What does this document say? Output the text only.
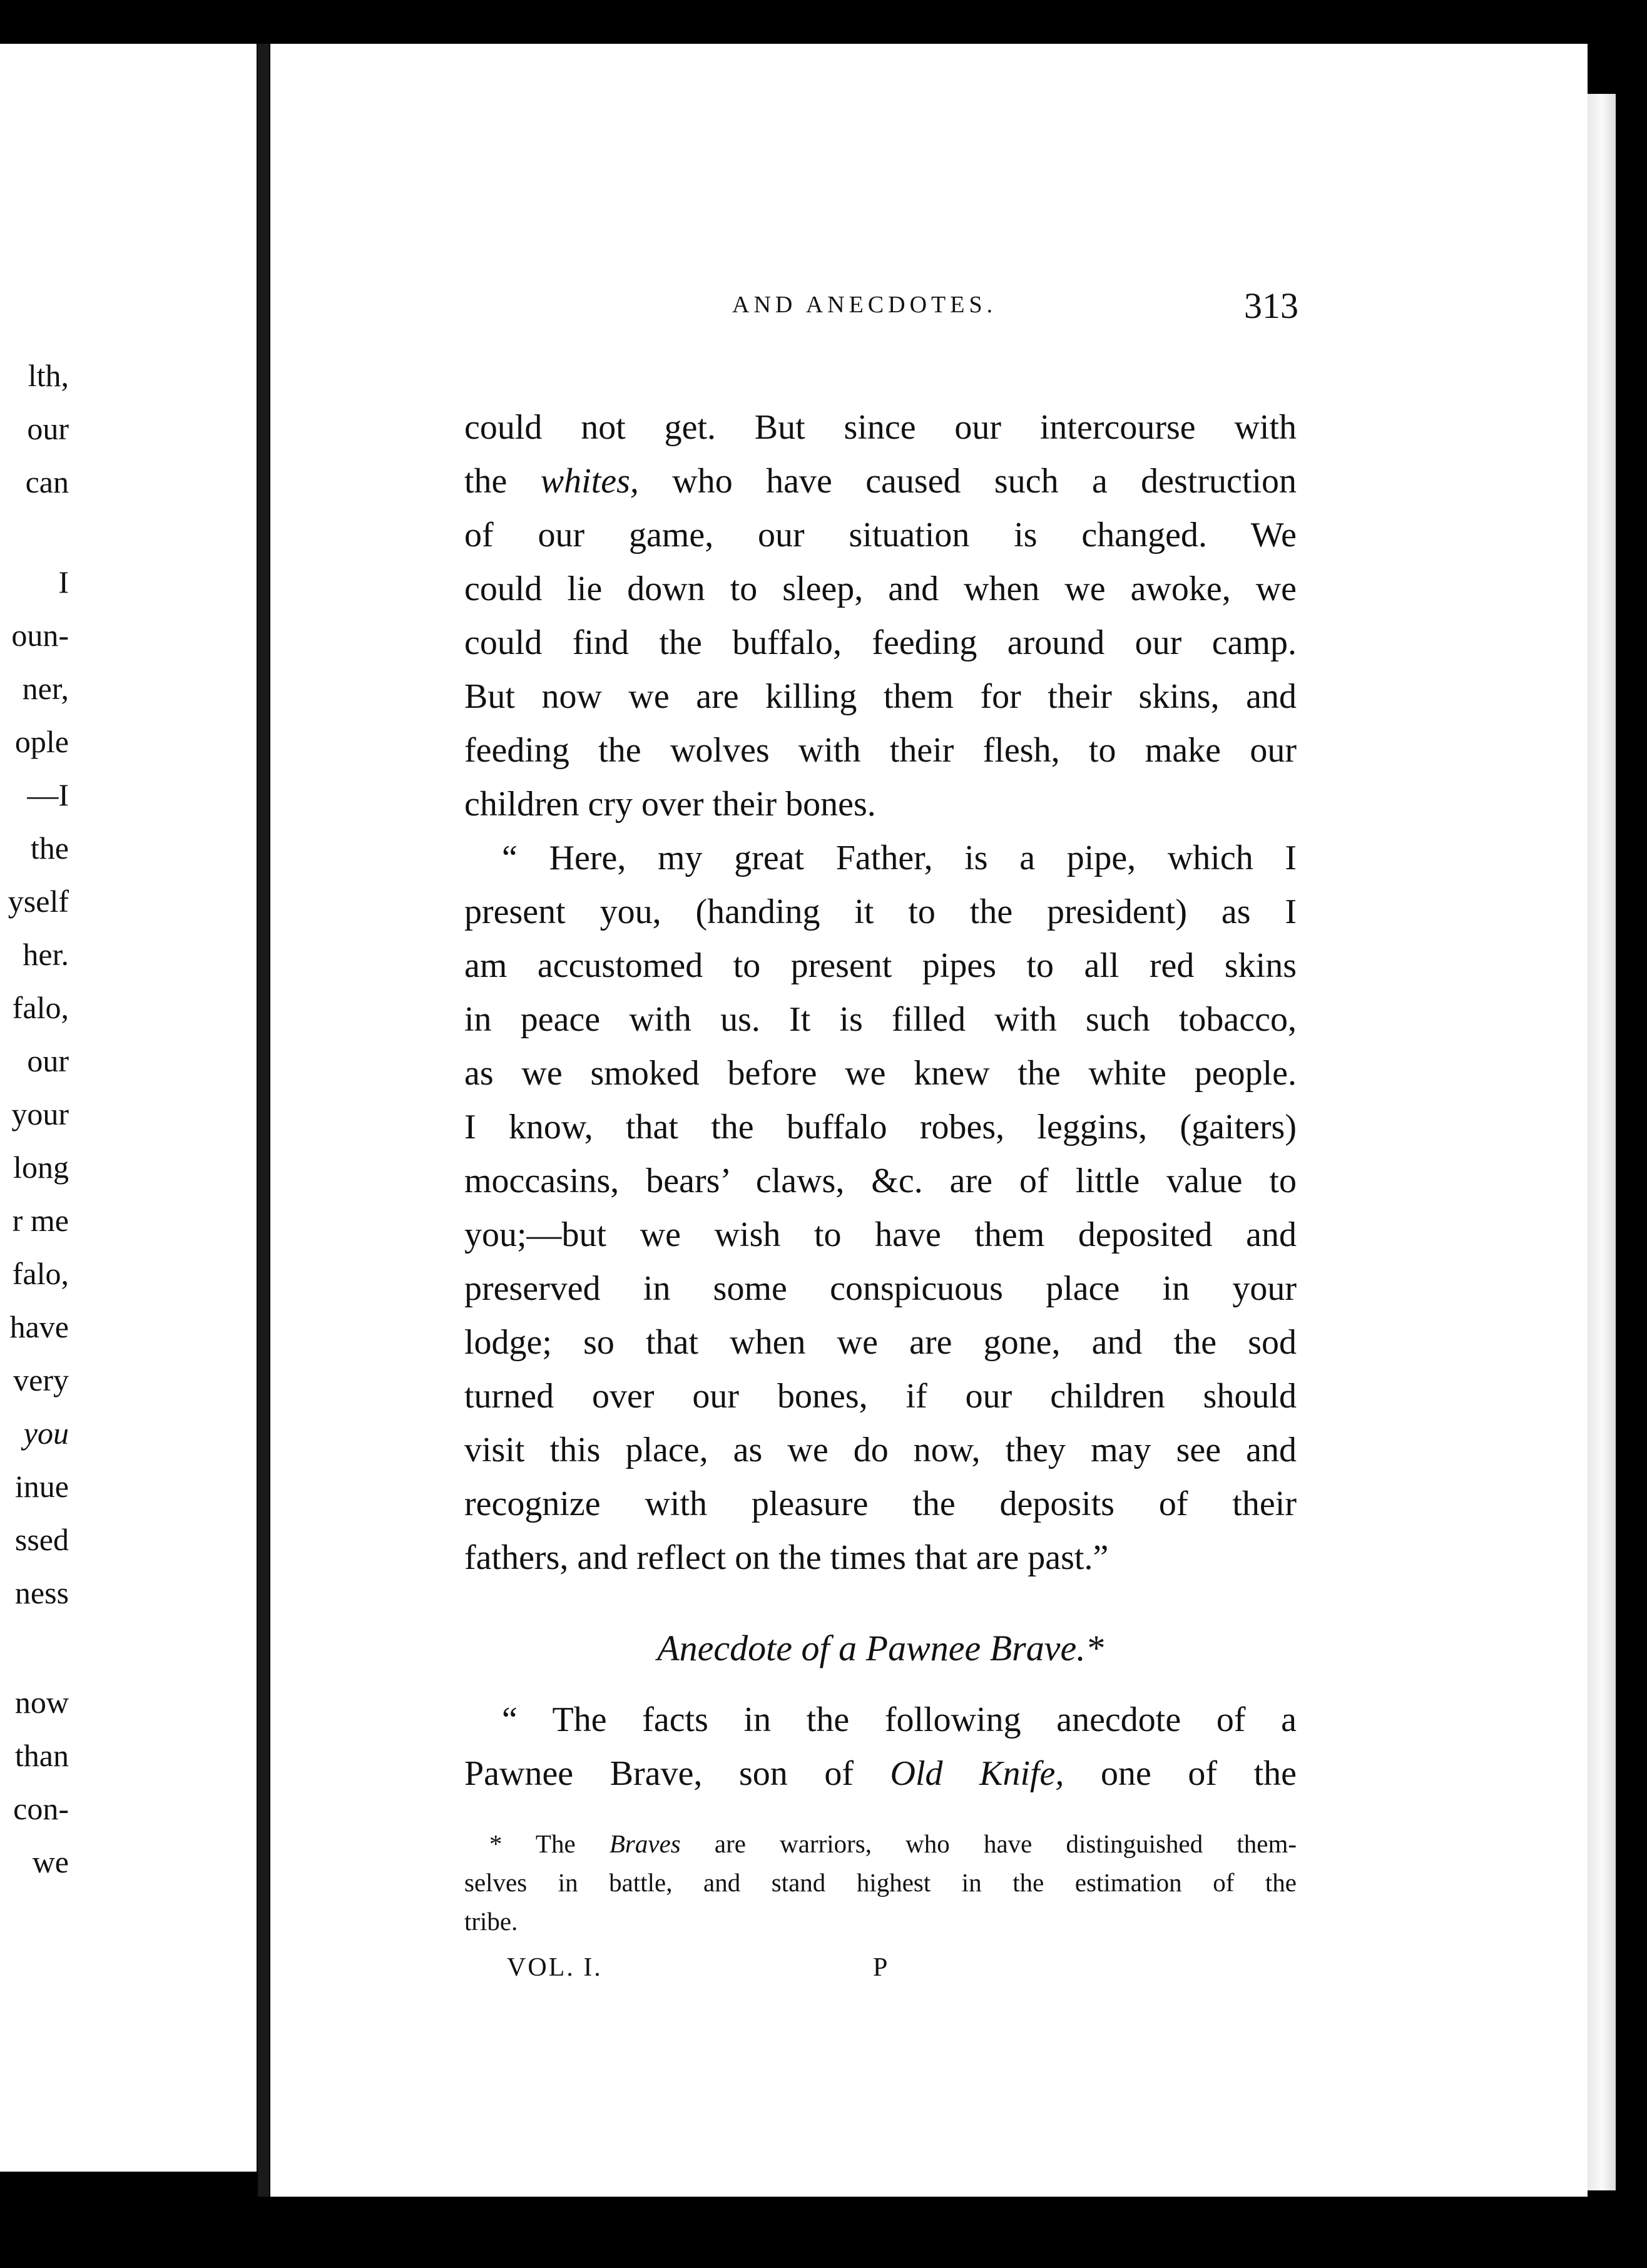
lth,
our
can
I
oun-
ner,
ople
—I
the
yself
her.
falo,
our
your
long
r me
falo,
have
very
you
inue
ssed
ness
now
than
con-
we
AND ANECDOTES.	313
could not get. But since our intercourse with
the whites, who have caused such a destruction
of our game, our situation is changed. We
could lie down to sleep, and when we awoke, we
could find the buffalo, feeding around our camp.
But now we are killing them for their skins, and
feeding the wolves with their flesh, to make our
children cry over their bones.
“ Here, my great Father, is a pipe, which I
present you, (handing it to the president) as I
am accustomed to present pipes to all red skins
in peace with us. It is filled with such tobacco,
as we smoked before we knew the white people.
I know, that the buffalo robes, leggins, (gaiters)
moccasins, bears’ claws, &c. are of little value to
you;—but we wish to have them deposited and
preserved in some conspicuous place in your
lodge; so that when we are gone, and the sod
turned over our bones, if our children should
visit this place, as we do now, they may see and
recognize with pleasure the deposits of their
fathers, and reflect on the times that are past.”
Anecdote of a Pawnee Brave.*
“ The facts in the following anecdote of a
Pawnee Brave, son of Old Knife, one of the
* The Braves are warriors, who have distinguished them-
selves in battle, and stand highest in the estimation of the
tribe.
VOL. I.	P
